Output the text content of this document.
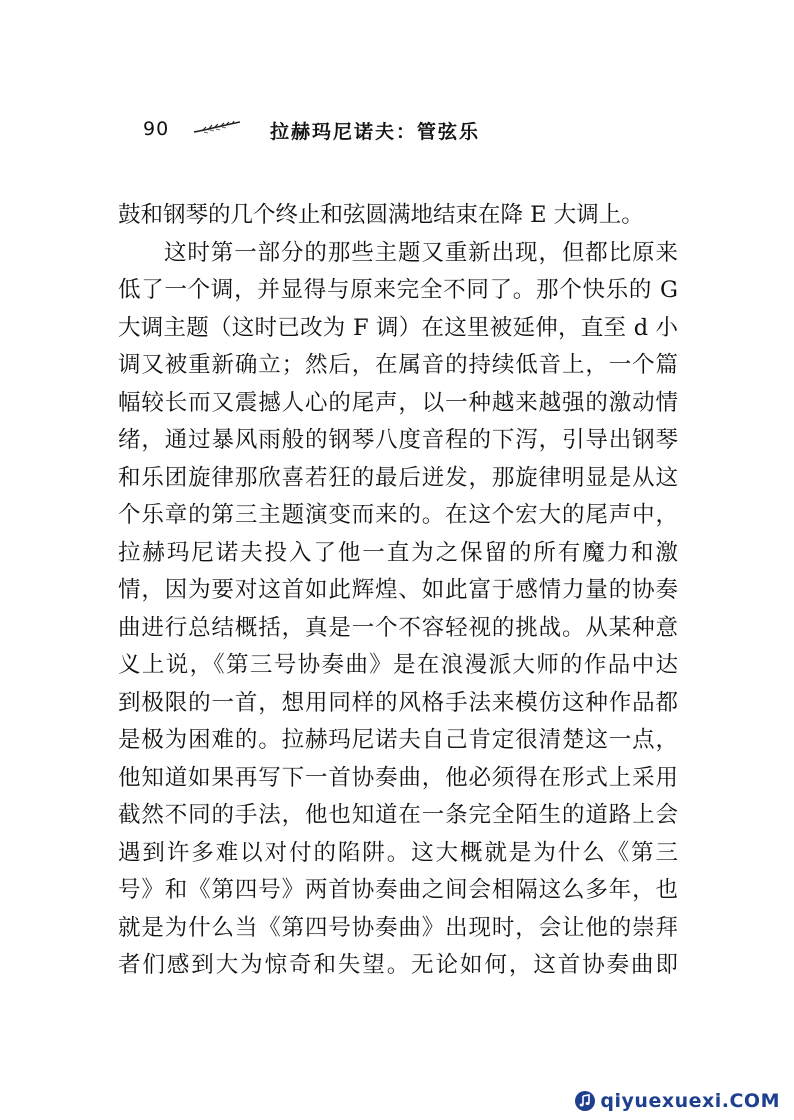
90	拉赫玛尼诺夫：管弦乐
鼓和钢琴的几个终止和弦圆满地结束在降 E 大调上。
这时第一部分的那些主题又重新出现，但都比原来
低了一个调，并显得与原来完全不同了。那个快乐的 G
大调主题（这时已改为 F 调）在这里被延伸，直至 d 小
调又被重新确立；然后，在属音的持续低音上，一个篇
幅较长而又震撼人心的尾声，以一种越来越强的激动情
绪，通过暴风雨般的钢琴八度音程的下泻，引导出钢琴
和乐团旋律那欣喜若狂的最后迸发，那旋律明显是从这
个乐章的第三主题演变而来的。在这个宏大的尾声中，
拉赫玛尼诺夫投入了他一直为之保留的所有魔力和激
情，因为要对这首如此辉煌、如此富于感情力量的协奏
曲进行总结概括，真是一个不容轻视的挑战。从某种意
义上说，《第三号协奏曲》是在浪漫派大师的作品中达
到极限的一首，想用同样的风格手法来模仿这种作品都
是极为困难的。拉赫玛尼诺夫自己肯定很清楚这一点，
他知道如果再写下一首协奏曲，他必须得在形式上采用
截然不同的手法，他也知道在一条完全陌生的道路上会
遇到许多难以对付的陷阱。这大概就是为什么《第三
号》和《第四号》两首协奏曲之间会相隔这么多年，也
就是为什么当《第四号协奏曲》出现时，会让他的崇拜
者们感到大为惊奇和失望。无论如何，这首协奏曲即
qiyuexuexi.COM
